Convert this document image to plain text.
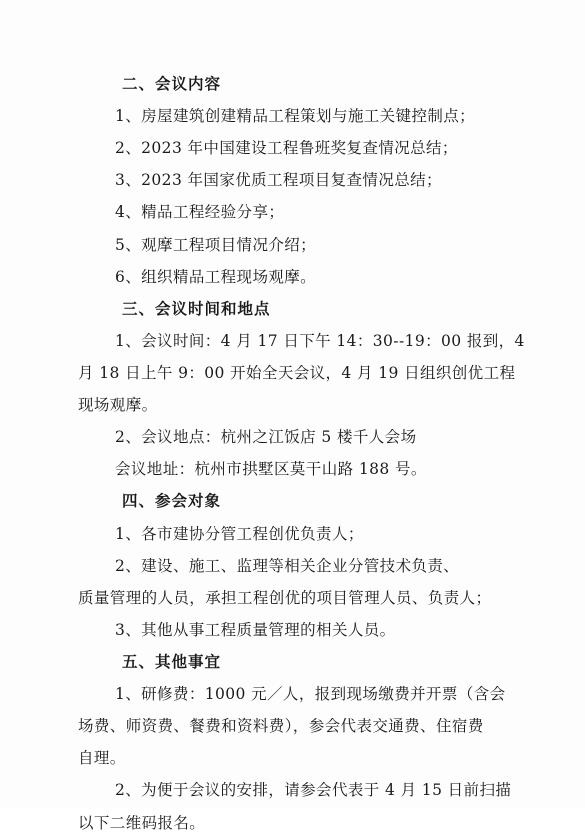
二、会议内容
1、房屋建筑创建精品工程策划与施工关键控制点；
2、2023 年中国建设工程鲁班奖复查情况总结；
3、2023 年国家优质工程项目复查情况总结；
4、精品工程经验分享；
5、观摩工程项目情况介绍；
6、组织精品工程现场观摩。
三、会议时间和地点
1、会议时间：4 月 17 日下午 14：30--19：00 报到，4
月 18 日上午 9：00 开始全天会议，4 月 19 日组织创优工程
现场观摩。
2、会议地点：杭州之江饭店 5 楼千人会场
会议地址：杭州市拱墅区莫干山路 188 号。
四、参会对象
1、各市建协分管工程创优负责人；
2、建设、施工、监理等相关企业分管技术负责、
质量管理的人员，承担工程创优的项目管理人员、负责人；
3、其他从事工程质量管理的相关人员。
五、其他事宜
1、研修费：1000 元／人，报到现场缴费并开票（含会
场费、师资费、餐费和资料费），参会代表交通费、住宿费
自理。
2、为便于会议的安排，请参会代表于 4 月 15 日前扫描
以下二维码报名。
